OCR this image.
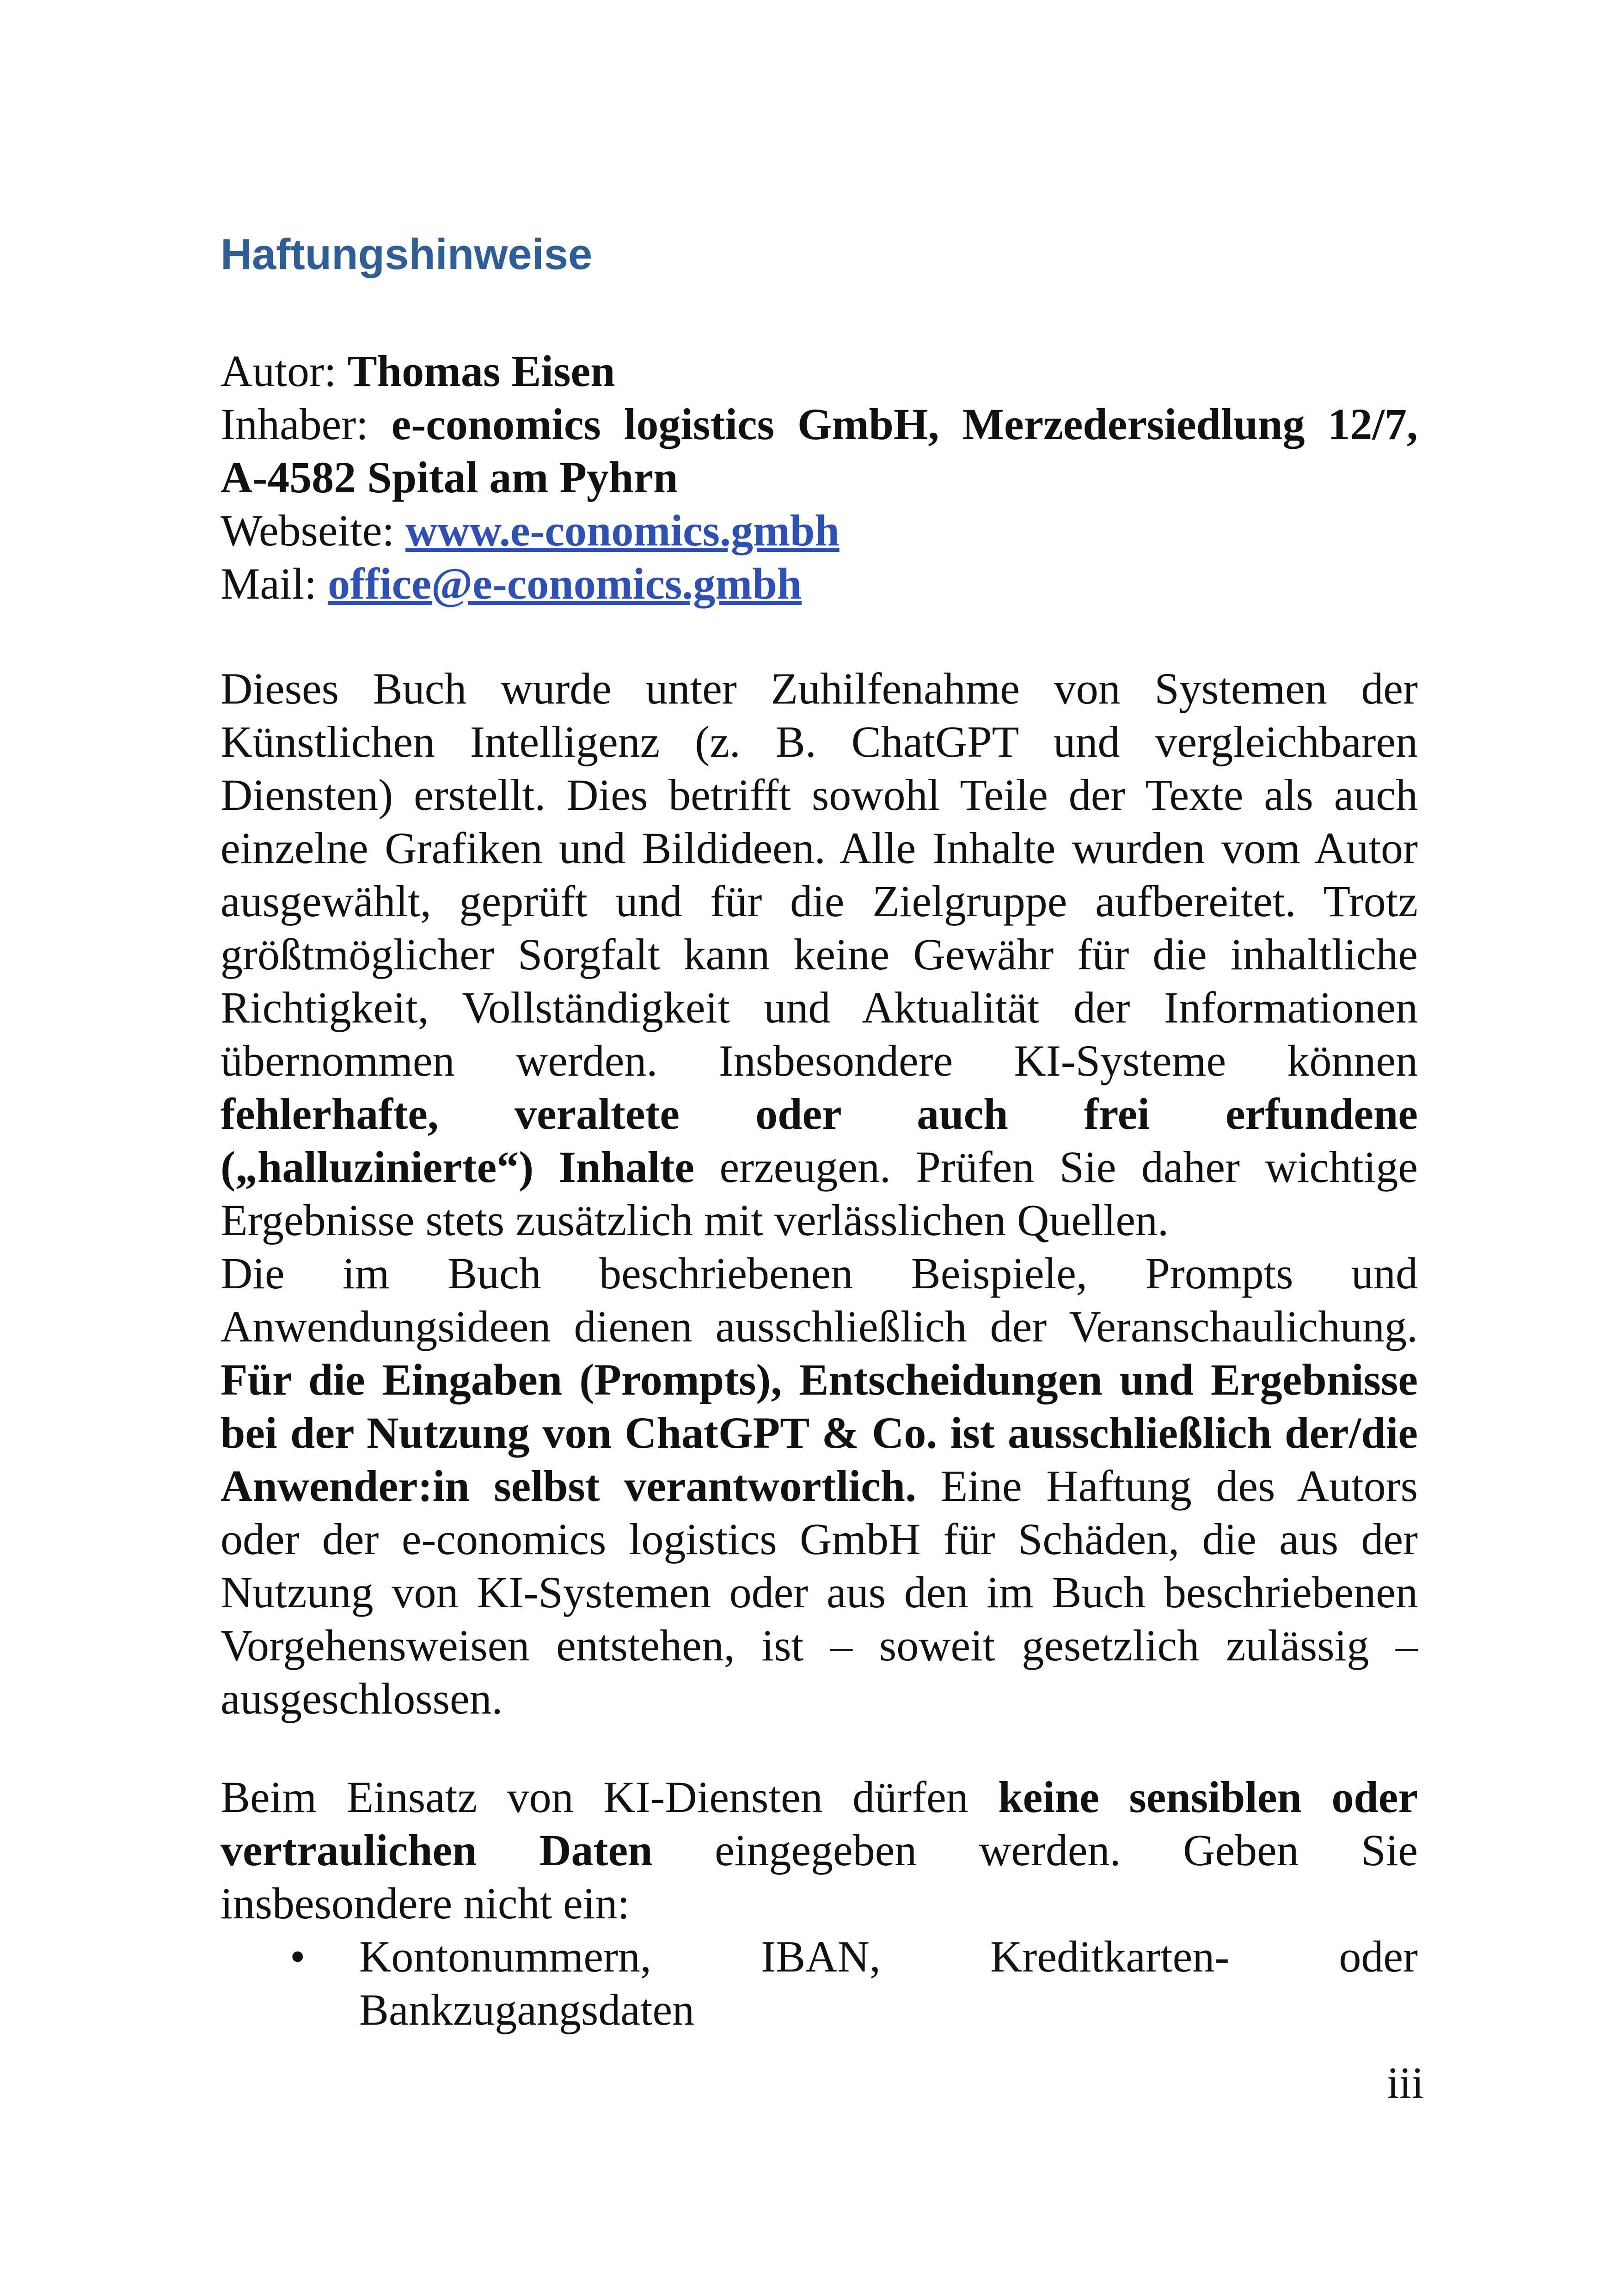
Haftungshinweise
Autor: Thomas Eisen
Inhaber: e-conomics logistics GmbH, Merzedersiedlung 12/7,
A-4582 Spital am Pyhrn
Webseite: www.e-conomics.gmbh
Mail: office@e-conomics.gmbh
Dieses Buch wurde unter Zuhilfenahme von Systemen der
Künstlichen Intelligenz (z. B. ChatGPT und vergleichbaren
Diensten) erstellt. Dies betrifft sowohl Teile der Texte als auch
einzelne Grafiken und Bildideen. Alle Inhalte wurden vom Autor
ausgewählt, geprüft und für die Zielgruppe aufbereitet. Trotz
größtmöglicher Sorgfalt kann keine Gewähr für die inhaltliche
Richtigkeit, Vollständigkeit und Aktualität der Informationen
übernommen werden. Insbesondere KI-Systeme können
fehlerhafte, veraltete oder auch frei erfundene
(„halluzinierte“) Inhalte erzeugen. Prüfen Sie daher wichtige
Ergebnisse stets zusätzlich mit verlässlichen Quellen.
Die im Buch beschriebenen Beispiele, Prompts und
Anwendungsideen dienen ausschließlich der Veranschaulichung.
Für die Eingaben (Prompts), Entscheidungen und Ergebnisse
bei der Nutzung von ChatGPT & Co. ist ausschließlich der/die
Anwender:in selbst verantwortlich. Eine Haftung des Autors
oder der e-conomics logistics GmbH für Schäden, die aus der
Nutzung von KI-Systemen oder aus den im Buch beschriebenen
Vorgehensweisen entstehen, ist – soweit gesetzlich zulässig –
ausgeschlossen.
Beim Einsatz von KI-Diensten dürfen keine sensiblen oder
vertraulichen Daten eingegeben werden. Geben Sie
insbesondere nicht ein:
• Kontonummern, IBAN, Kreditkarten- oder
Bankzugangsdaten
iii
